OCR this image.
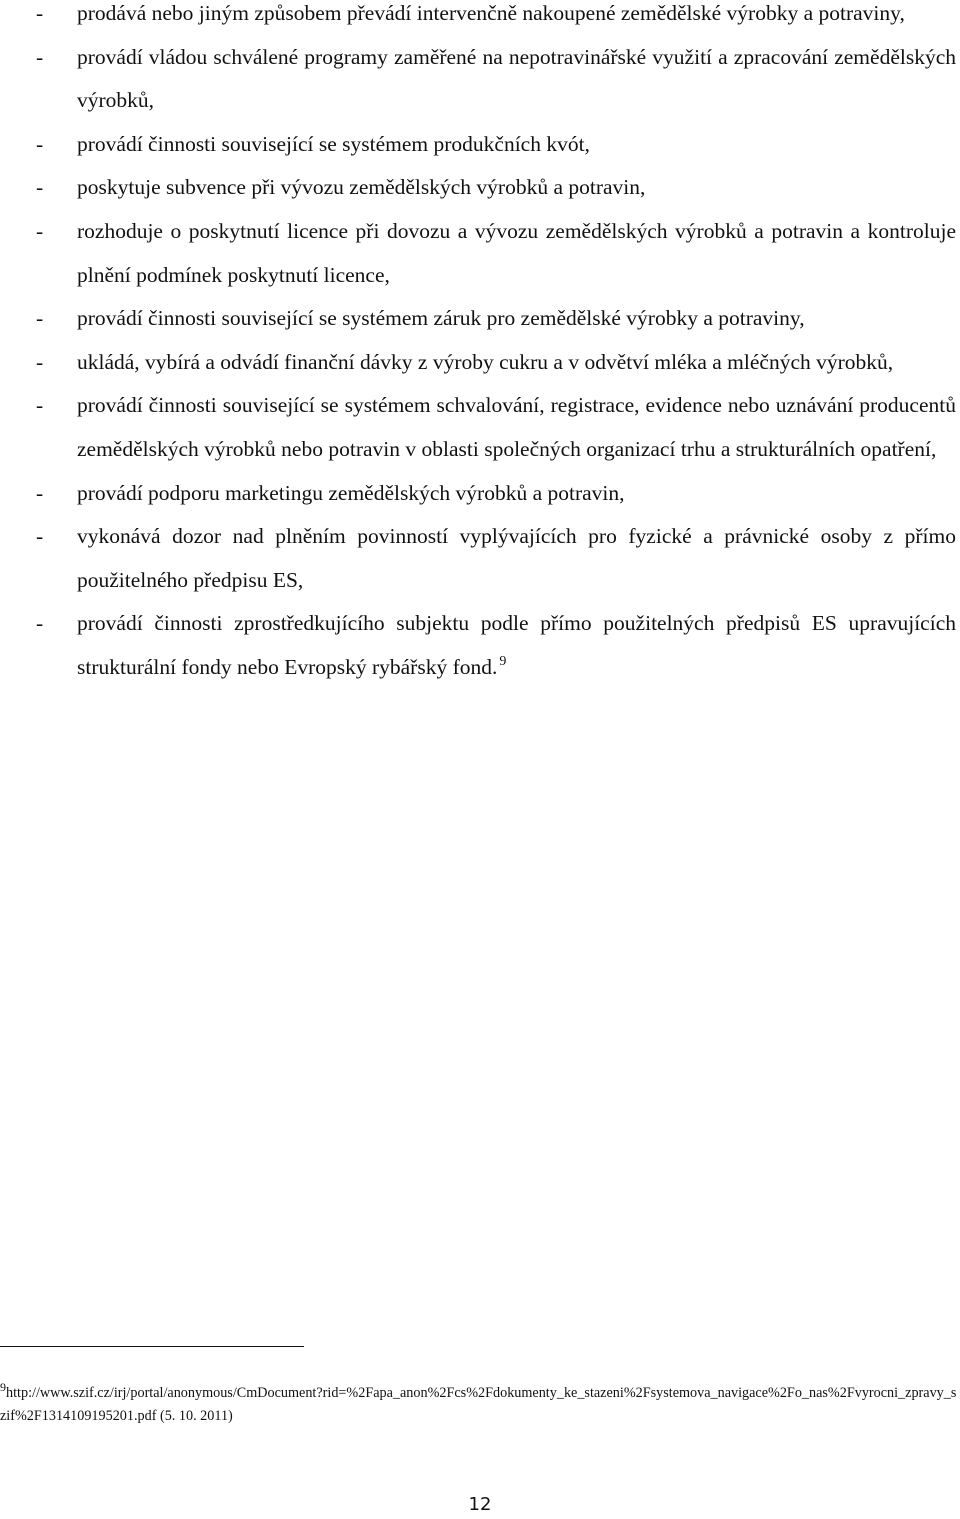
- prodává nebo jiným způsobem převádí intervenčně nakoupené zemědělské výrobky a potraviny,
- provádí vládou schválené programy zaměřené na nepotravinářské využití a zpracování zemědělských výrobků,
- provádí činnosti související se systémem produkčních kvót,
- poskytuje subvence při vývozu zemědělských výrobků a potravin,
- rozhoduje o poskytnutí licence při dovozu a vývozu zemědělských výrobků a potravin a kontroluje plnění podmínek poskytnutí licence,
- provádí činnosti související se systémem záruk pro zemědělské výrobky a potraviny,
- ukládá, vybírá a odvádí finanční dávky z výroby cukru a v odvětví mléka a mléčných výrobků,
- provádí činnosti související se systémem schvalování, registrace, evidence nebo uznávání producentů zemědělských výrobků nebo potravin v oblasti společných organizací trhu a strukturálních opatření,
- provádí podporu marketingu zemědělských výrobků a potravin,
- vykonává dozor nad plněním povinností vyplývajících pro fyzické a právnické osoby z přímo použitelného předpisu ES,
- provádí činnosti zprostředkujícího subjektu podle přímo použitelných předpisů ES upravujících strukturální fondy nebo Evropský rybářský fond. $^9$
$^9$http://www.szif.cz/irj/portal/anonymous/CmDocument?rid=%2Fapa_anon%2Fcs%2Fdokumenty_ke_stazeni%2Fsystemova_navigace%2Fo_nas%2Fvyrocni_zpravy_szif%2F1314109195201.pdf (5. 10. 2011)
12
